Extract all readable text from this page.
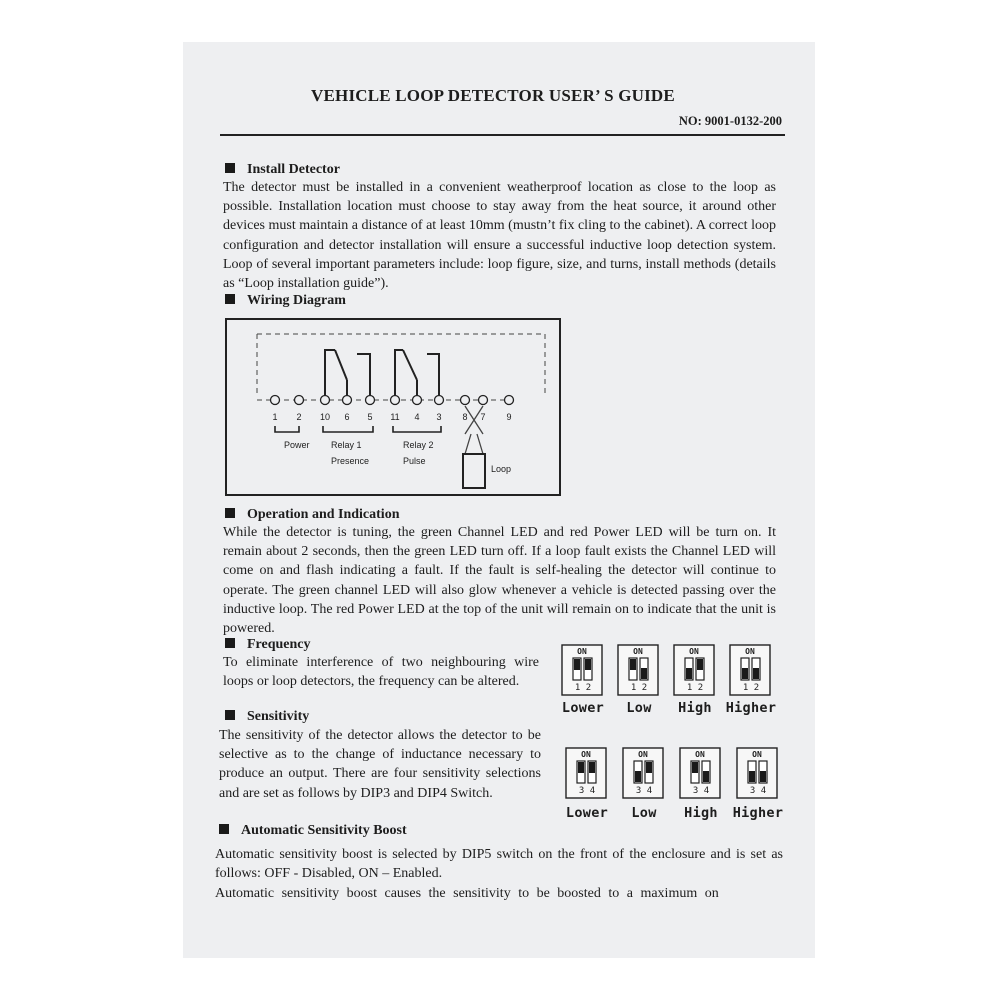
VEHICLE LOOP DETECTOR USER’ S GUIDE
NO: 9001-0132-200
Install Detector
The detector must be installed in a convenient weatherproof location as close to the loop as possible. Installation location must choose to stay away from the heat source, it around other devices must maintain a distance of at least 10mm (mustn’t fix cling to the cabinet). A correct loop configuration and detector installation will ensure a successful inductive loop detection system. Loop of several important parameters include: loop figure, size, and turns, install methods (details as “Loop installation guide”).
Wiring Diagram
1 2 10 6 5 11 4 3 8 7 9
Power Relay 1
Presence
Relay 2
Pulse
Loop
Operation and Indication
While the detector is tuning, the green Channel LED and red Power LED will be turn on. It remain about 2 seconds, then the green LED turn off. If a loop fault exists the Channel LED will come on and flash indicating a fault. If the fault is self-healing the detector will continue to operate. The green channel LED will also glow whenever a vehicle is detected passing over the inductive loop. The red Power LED at the top of the unit will remain on to indicate that the unit is powered.
Frequency
To eliminate interference of two neighbouring wire loops or loop detectors, the frequency can be altered.
ON
1 2
Lower
ON
1 2
Low
ON
1 2
High
ON
1 2
Higher
Sensitivity
The sensitivity of the detector allows the detector to be selective as to the change of inductance necessary to produce an output. There are four sensitivity selections and are set as follows by DIP3 and DIP4 Switch.
ON
3 4
Lower
ON
3 4
Low
ON
3 4
High
ON
3 4
Higher
Automatic Sensitivity Boost
Automatic sensitivity boost is selected by DIP5 switch on the front of the enclosure and is set as follows: OFF - Disabled, ON – Enabled.
Automatic sensitivity boost causes the sensitivity to be boosted to a maximum on
